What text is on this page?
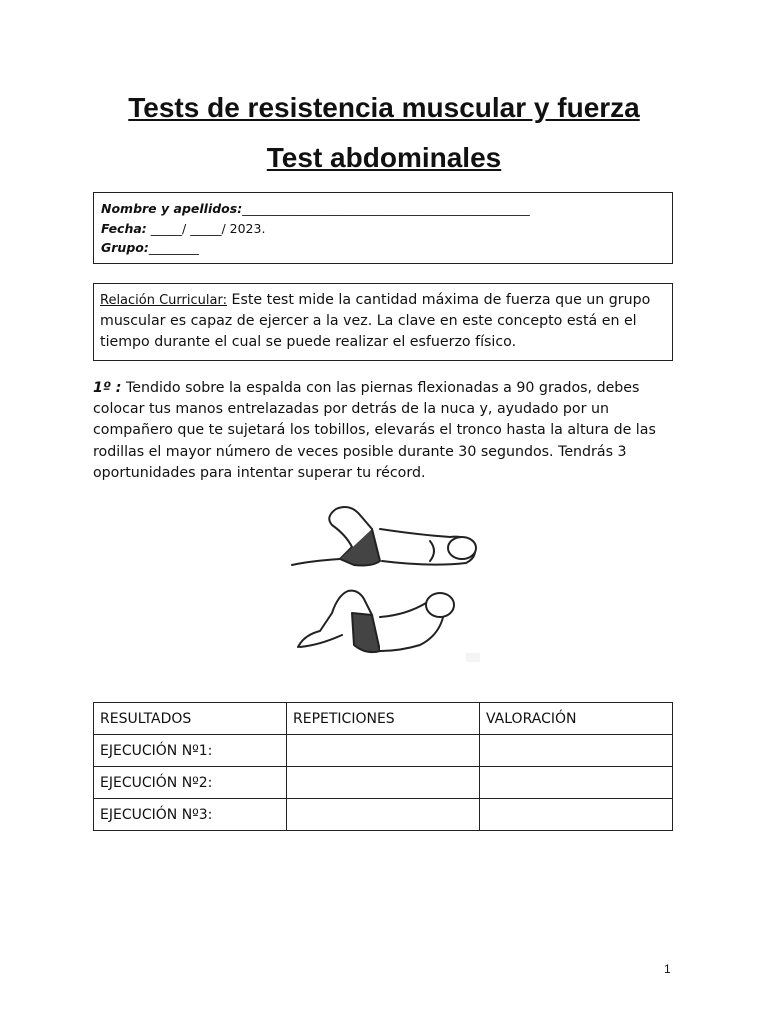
Tests de resistencia muscular y fuerza
Test abdominales
Nombre y apellidos:______________________________________________
Fecha: _____/ _____/ 2023.
Grupo:________
Relación Curricular: Este test mide la cantidad máxima de fuerza que un grupo muscular es capaz de ejercer a la vez. La clave en este concepto está en el tiempo durante el cual se puede realizar el esfuerzo físico.
1º : Tendido sobre la espalda con las piernas flexionadas a 90 grados, debes colocar tus manos entrelazadas por detrás de la nuca y, ayudado por un compañero que te sujetará los tobillos, elevarás el tronco hasta la altura de las rodillas el mayor número de veces posible durante 30 segundos. Tendrás 3 oportunidades para intentar superar tu récord.
RESULTADOS	REPETICIONES	VALORACIÓN
EJECUCIÓN Nº1:		
EJECUCIÓN Nº2:		
EJECUCIÓN Nº3:		
1
